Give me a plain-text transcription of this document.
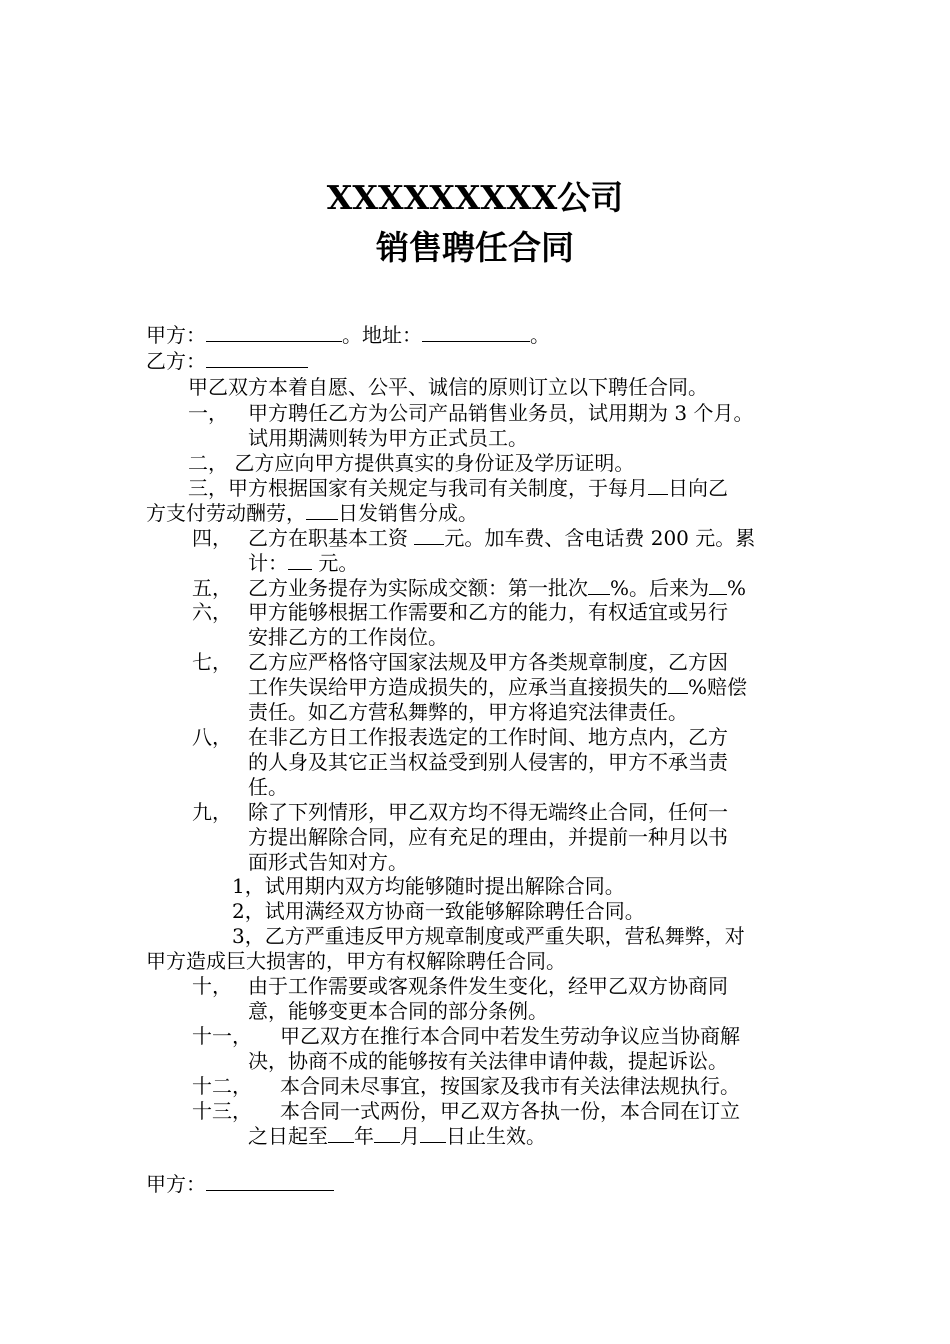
XXXXXXXXX公司
销售聘任合同
甲方：	。地址：	。
乙方：
甲乙双方本着自愿、公平、诚信的原则订立以下聘任合同。
一， 甲方聘任乙方为公司产品销售业务员，试用期为 3 个月。
试用期满则转为甲方正式员工。
二， 乙方应向甲方提供真实的身份证及学历证明。
三，甲方根据国家有关规定与我司有关制度，于每月 日向乙
方支付劳动酬劳， 日发销售分成。
四， 乙方在职基本工资 元。加车费、含电话费 200 元。累
计： 元。
五， 乙方业务提存为实际成交额：第一批次 %。后来为 %
六， 甲方能够根据工作需要和乙方的能力，有权适宜或另行
安排乙方的工作岗位。
七， 乙方应严格恪守国家法规及甲方各类规章制度，乙方因
工作失误给甲方造成损失的，应承当直接损失的 %赔偿
责任。如乙方营私舞弊的，甲方将追究法律责任。
八， 在非乙方日工作报表选定的工作时间、地方点内，乙方
的人身及其它正当权益受到别人侵害的，甲方不承当责
任。
九， 除了下列情形，甲乙双方均不得无端终止合同，任何一
方提出解除合同，应有充足的理由，并提前一种月以书
面形式告知对方。
1，试用期内双方均能够随时提出解除合同。
2，试用满经双方协商一致能够解除聘任合同。
3，乙方严重违反甲方规章制度或严重失职，营私舞弊，对
甲方造成巨大损害的，甲方有权解除聘任合同。
十， 由于工作需要或客观条件发生变化，经甲乙双方协商同
意，能够变更本合同的部分条例。
十一， 甲乙双方在推行本合同中若发生劳动争议应当协商解
决，协商不成的能够按有关法律申请仲裁，提起诉讼。
十二， 本合同未尽事宜，按国家及我市有关法律法规执行。
十三， 本合同一式两份，甲乙双方各执一份，本合同在订立
之日起至 年 月 日止生效。
甲方：
